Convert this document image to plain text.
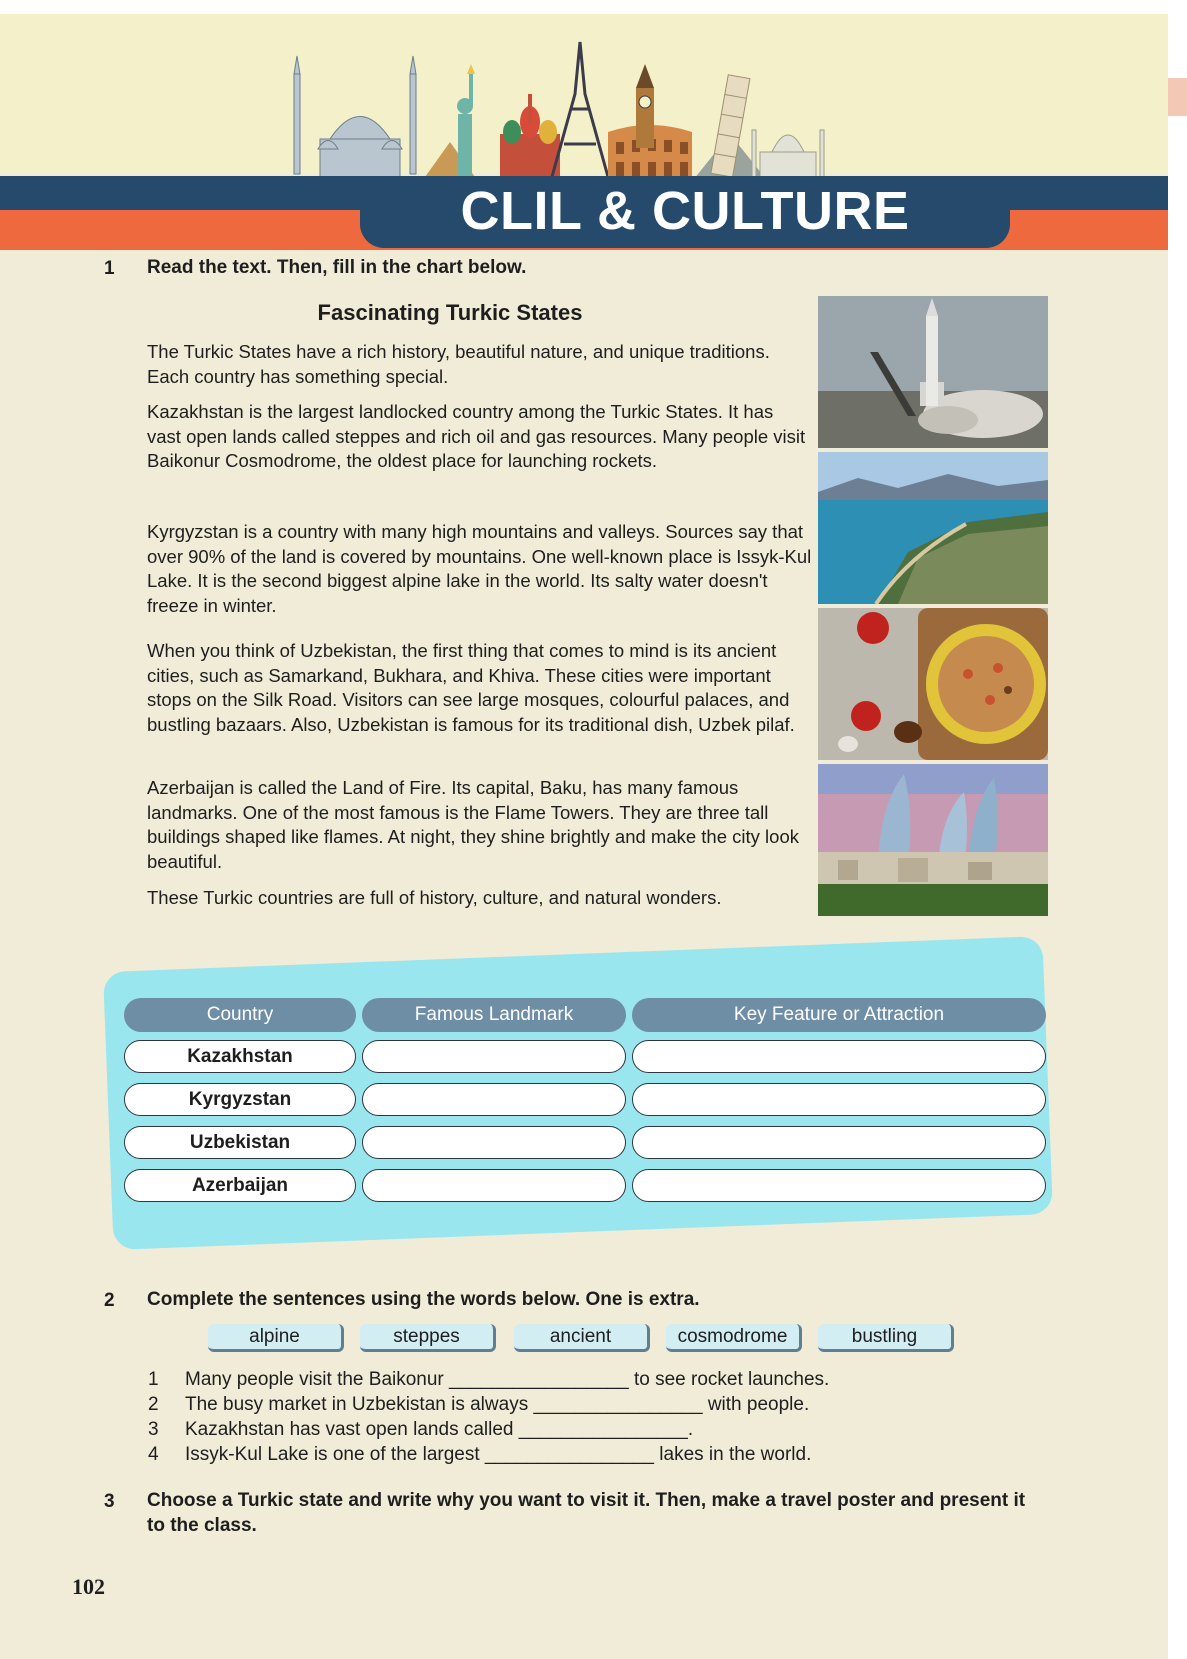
CLIL & CULTURE
1 Read the text. Then, fill in the chart below.
Fascinating Turkic States

The Turkic States have a rich history, beautiful nature, and unique traditions. Each country has something special.

Kazakhstan is the largest landlocked country among the Turkic States. It has vast open lands called steppes and rich oil and gas resources. Many people visit Baikonur Cosmodrome, the oldest place for launching rockets.

Kyrgyzstan is a country with many high mountains and valleys. Sources say that over 90% of the land is covered by mountains. One well-known place is Issyk-Kul Lake. It is the second biggest alpine lake in the world. Its salty water doesn't freeze in winter.

When you think of Uzbekistan, the first thing that comes to mind is its ancient cities, such as Samarkand, Bukhara, and Khiva. These cities were important stops on the Silk Road. Visitors can see large mosques, colourful palaces, and bustling bazaars. Also, Uzbekistan is famous for its traditional dish, Uzbek pilaf.

Azerbaijan is called the Land of Fire. Its capital, Baku, has many famous landmarks. One of the most famous is the Flame Towers. They are three tall buildings shaped like flames. At night, they shine brightly and make the city look beautiful.

These Turkic countries are full of history, culture, and natural wonders.

Country	Famous Landmark	Key Feature or Attraction
Kazakhstan
Kyrgyzstan
Uzbekistan
Azerbaijan
2 Complete the sentences using the words below. One is extra.
alpine	steppes	ancient	cosmodrome	bustling
1 Many people visit the Baikonur _________________ to see rocket launches.
2 The busy market in Uzbekistan is always ________________ with people.
3 Kazakhstan has vast open lands called ________________.
4 Issyk-Kul Lake is one of the largest ________________ lakes in the world.
3 Choose a Turkic state and write why you want to visit it. Then, make a travel poster and present it to the class.
102
